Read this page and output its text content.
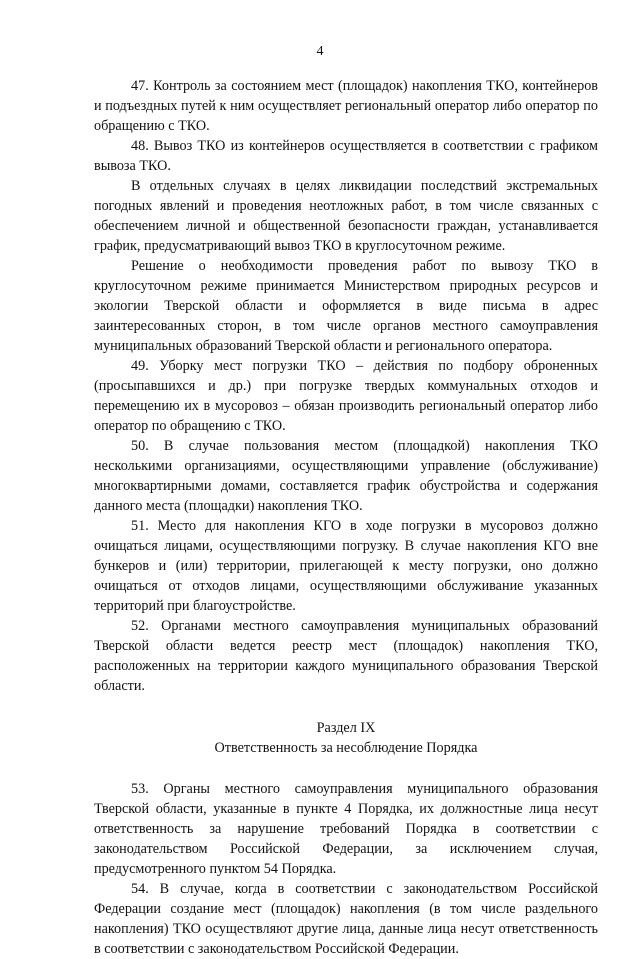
4

47. Контроль за состоянием мест (площадок) накопления ТКО, контейнеров и подъездных путей к ним осуществляет региональный оператор либо оператор по обращению с ТКО.

48. Вывоз ТКО из контейнеров осуществляется в соответствии с графиком вывоза ТКО.

В отдельных случаях в целях ликвидации последствий экстремальных погодных явлений и проведения неотложных работ, в том числе связанных с обеспечением личной и общественной безопасности граждан, устанавливается график, предусматривающий вывоз ТКО в круглосуточном режиме.

Решение о необходимости проведения работ по вывозу ТКО в круглосуточном режиме принимается Министерством природных ресурсов и экологии Тверской области и оформляется в виде письма в адрес заинтересованных сторон, в том числе органов местного самоуправления муниципальных образований Тверской области и регионального оператора.

49. Уборку мест погрузки ТКО – действия по подбору оброненных (просыпавшихся и др.) при погрузке твердых коммунальных отходов и перемещению их в мусоровоз – обязан производить региональный оператор либо оператор по обращению с ТКО.

50. В случае пользования местом (площадкой) накопления ТКО несколькими организациями, осуществляющими управление (обслуживание) многоквартирными домами, составляется график обустройства и содержания данного места (площадки) накопления ТКО.

51. Место для накопления КГО в ходе погрузки в мусоровоз должно очищаться лицами, осуществляющими погрузку. В случае накопления КГО вне бункеров и (или) территории, прилегающей к месту погрузки, оно должно очищаться от отходов лицами, осуществляющими обслуживание указанных территорий при благоустройстве.

52. Органами местного самоуправления муниципальных образований Тверской области ведется реестр мест (площадок) накопления ТКО, расположенных на территории каждого муниципального образования Тверской области.

Раздел IX
Ответственность за несоблюдение Порядка

53. Органы местного самоуправления муниципального образования Тверской области, указанные в пункте 4 Порядка, их должностные лица несут ответственность за нарушение требований Порядка в соответствии с законодательством Российской Федерации, за исключением случая, предусмотренного пунктом 54 Порядка.

54. В случае, когда в соответствии с законодательством Российской Федерации создание мест (площадок) накопления (в том числе раздельного накопления) ТКО осуществляют другие лица, данные лица несут ответственность в соответствии с законодательством Российской Федерации.
